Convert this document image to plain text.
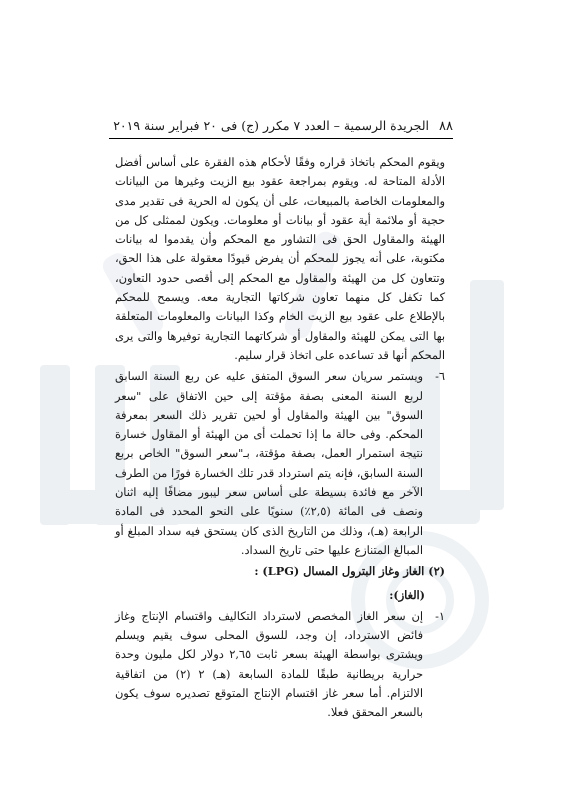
٨٨
الجريدة الرسمية – العدد ٧ مكرر (ج) فى ٢٠ فبراير سنة ٢٠١٩

ويقوم المحكم باتخاذ قراره وفقًا لأحكام هذه الفقرة على أساس أفضل الأدلة المتاحة له. ويقوم بمراجعة عقود بيع الزيت وغيرها من البيانات والمعلومات الخاصة بالمبيعات، على أن يكون له الحرية فى تقدير مدى حجية أو ملائمة أية عقود أو بيانات أو معلومات. ويكون لممثلى كل من الهيئة والمقاول الحق فى التشاور مع المحكم وأن يقدموا له بيانات مكتوبة، على أنه يجوز للمحكم أن يفرض قيودًا معقولة على هذا الحق، وتتعاون كل من الهيئة والمقاول مع المحكم إلى أقصى حدود التعاون، كما تكفل كل منهما تعاون شركاتها التجارية معه. ويسمح للمحكم بالإطلاع على عقود بيع الزيت الخام وكذا البيانات والمعلومات المتعلقة بها التى يمكن للهيئة والمقاول أو شركاتهما التجارية توفيرها والتى يرى المحكم أنها قد تساعده على اتخاذ قرار سليم.

٦-
ويستمر سريان سعر السوق المتفق عليه عن ربع السنة السابق لربع السنة المعنى بصفة مؤقتة إلى حين الاتفاق على "سعر السوق" بين الهيئة والمقاول أو لحين تقرير ذلك السعر بمعرفة المحكم. وفى حالة ما إذا تحملت أى من الهيئة أو المقاول خسارة نتيجة استمرار العمل، بصفة مؤقتة، بـ"سعر السوق" الخاص بربع السنة السابق، فإنه يتم استرداد قدر تلك الخسارة فورًا من الطرف الآخر مع فائدة بسيطة على أساس سعر ليبور مضافًا إليه اثنان ونصف فى المائة (٢,٥٪) سنويًا على النحو المحدد فى المادة الرابعة (هـ)، وذلك من التاريخ الذى كان يستحق فيه سداد المبلغ أو المبالغ المتنازع عليها حتى تاريخ السداد.
(٢) الغاز وغاز البترول المسال (LPG) :
(الغاز):
١-
إن سعر الغاز المخصص لاسترداد التكاليف واقتسام الإنتاج وغاز فائض الاسترداد، إن وجد، للسوق المحلى سوف يقيم ويسلم ويشترى بواسطة الهيئة بسعر ثابت ٢,٦٥ دولار لكل مليون وحدة حرارية بريطانية طبقًا للمادة السابعة (هـ) ٢ (٢) من اتفاقية الالتزام. أما سعر غاز اقتسام الإنتاج المتوقع تصديره سوف يكون بالسعر المحقق فعلا.
